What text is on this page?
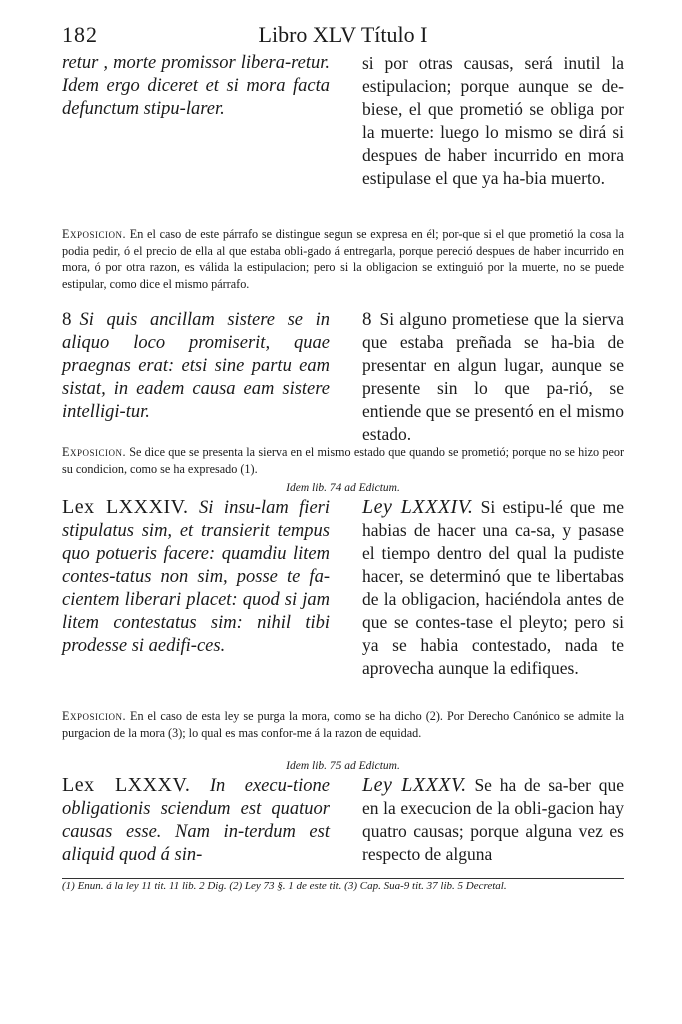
182	Libro XLV Título I

retur , morte promissor libera-retur. Idem ergo diceret et si mora facta defunctum stipu-larer.

si por otras causas, será inutil la estipulacion; porque aunque se de-biese, el que prometió se obliga por la muerte: luego lo mismo se dirá si despues de haber incurrido en mora estipulase el que ya ha-bia muerto.

Exposicion. En el caso de este párrafo se distingue segun se expresa en él; por-que si el que prometió la cosa la podia pedir, ó el precio de ella al que estaba obli-gado á entregarla, porque pereció despues de haber incurrido en mora, ó por otra razon, es válida la estipulacion; pero si la obligacion se extinguió por la muerte, no se puede estipular, como dice el mismo párrafo.

8 Si quis ancillam sistere se in aliquo loco promiserit, quae praegnas erat: etsi sine partu eam sistat, in eadem causa eam sistere intelligi-tur.

8 Si alguno prometiese que la sierva que estaba preñada se ha-bia de presentar en algun lugar, aunque se presente sin lo que pa-rió, se entiende que se presentó en el mismo estado.

Exposicion. Se dice que se presenta la sierva en el mismo estado que quando se prometió; porque no se hizo peor su condicion, como se ha expresado (1).

Idem lib. 74 ad Edictum.

Lex LXXXIV. Si insu-lam fieri stipulatus sim, et transierit tempus quo potueris facere: quamdiu litem contes-tatus non sim, posse te fa-cientem liberari placet: quod si jam litem contestatus sim: nihil tibi prodesse si aedifi-ces.

Ley LXXXIV. Si estipu-lé que me habias de hacer una ca-sa, y pasase el tiempo dentro del qual la pudiste hacer, se determinó que te libertabas de la obligacion, haciéndola antes de que se contes-tase el pleyto; pero si ya se habia contestado, nada te aprovecha aunque la edifiques.

Exposicion. En el caso de esta ley se purga la mora, como se ha dicho (2). Por Derecho Canónico se admite la purgacion de la mora (3); lo qual es mas confor-me á la razon de equidad.

Idem lib. 75 ad Edictum.

Lex LXXXV. In execu-tione obligationis sciendum est quatuor causas esse. Nam in-terdum est aliquid quod á sin-

Ley LXXXV. Se ha de sa-ber que en la execucion de la obli-gacion hay quatro causas; porque alguna vez es respecto de alguna

(1) Enun. á la ley 11 tit. 11 lib. 2 Dig. (2) Ley 73 §. 1 de este tit. (3) Cap. Sua-9 tit. 37 lib. 5 Decretal.
